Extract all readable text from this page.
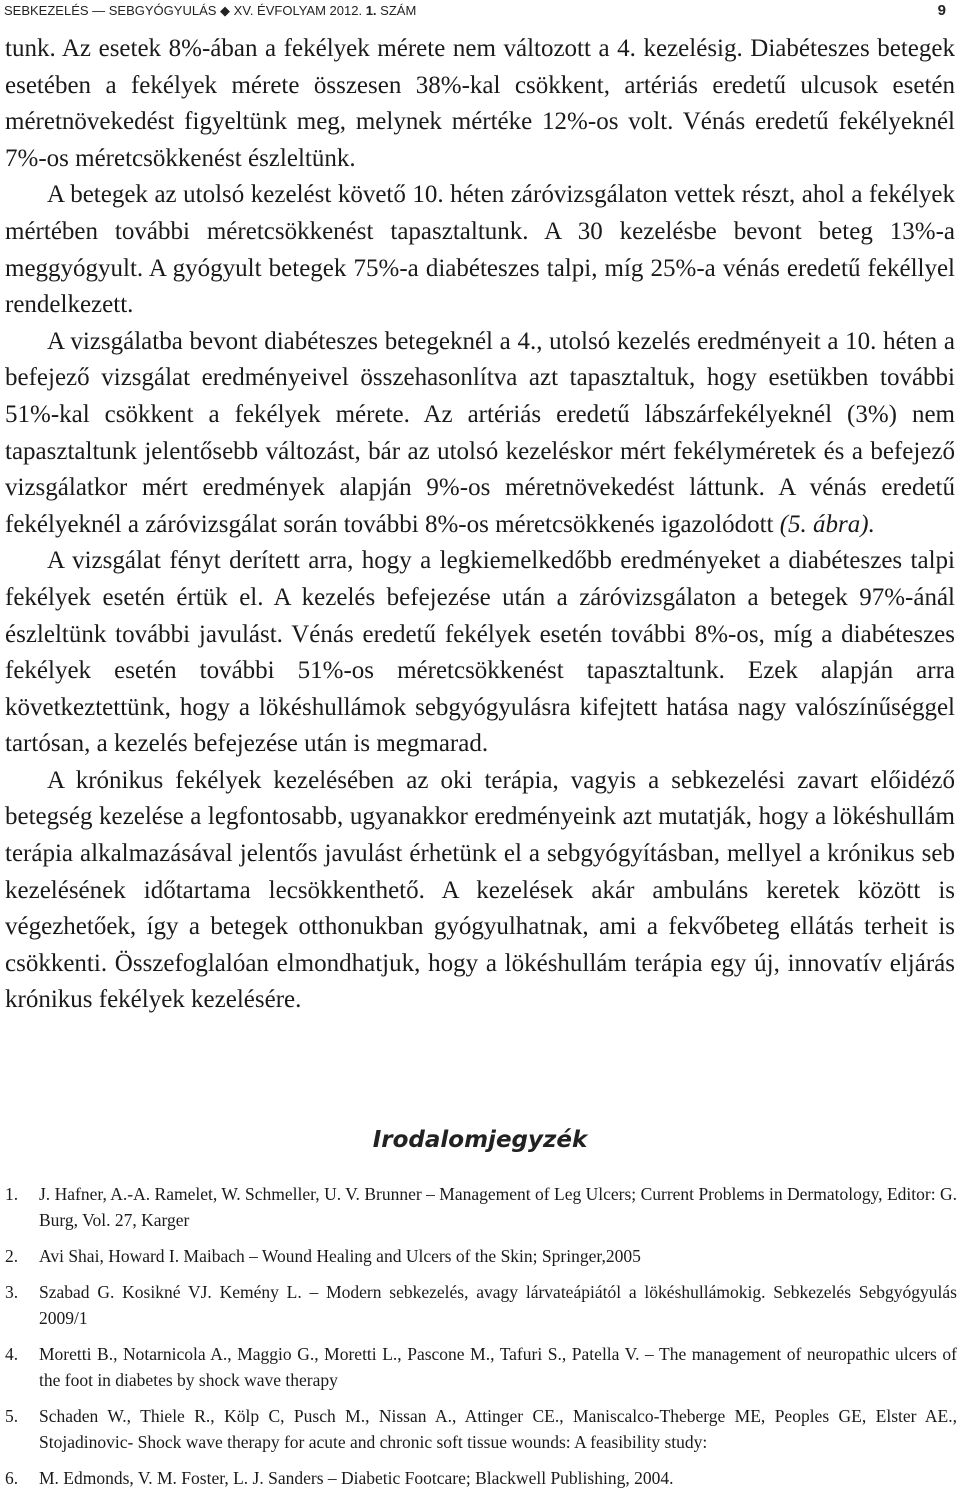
SEBKEZELÉS — SEBGYÓGYULÁS ◆ XV. ÉVFOLYAM 2012. 1. SZÁM	9

tunk. Az esetek 8%-ában a fekélyek mérete nem változott a 4. kezelésig. Diabéteszes betegek esetében a fekélyek mérete összesen 38%-kal csökkent, artériás eredetű ulcusok esetén méretnövekedést figyeltünk meg, melynek mértéke 12%-os volt. Vénás eredetű fekélyeknél 7%-os méretcsökkenést észleltünk.

A betegek az utolsó kezelést követő 10. héten záróvizsgálaton vettek részt, ahol a fekélyek mértében további méretcsökkenést tapasztaltunk. A 30 kezelésbe bevont beteg 13%-a meggyógyult. A gyógyult betegek 75%-a diabéteszes talpi, míg 25%-a vénás eredetű fekéllyel rendelkezett.

A vizsgálatba bevont diabéteszes betegeknél a 4., utolsó kezelés eredményeit a 10. héten a befejező vizsgálat eredményeivel összehasonlítva azt tapasztaltuk, hogy esetükben további 51%-kal csökkent a fekélyek mérete. Az artériás eredetű lábszárfekélyeknél (3%) nem tapasztaltunk jelentősebb változást, bár az utolsó kezeléskor mért fekélyméretek és a befejező vizsgálatkor mért eredmények alapján 9%-os méretnövekedést láttunk. A vénás eredetű fekélyeknél a záróvizsgálat során további 8%-os méretcsökkenés igazolódott (5. ábra).

A vizsgálat fényt derített arra, hogy a legkiemelkedőbb eredményeket a diabéteszes talpi fekélyek esetén értük el. A kezelés befejezése után a záróvizsgálaton a betegek 97%-ánál észleltünk további javulást. Vénás eredetű fekélyek esetén további 8%-os, míg a diabéteszes fekélyek esetén további 51%-os méretcsökkenést tapasztaltunk. Ezek alapján arra következtettünk, hogy a lökéshullámok sebgyógyulásra kifejtett hatása nagy valószínűséggel tartósan, a kezelés befejezése után is megmarad.

A krónikus fekélyek kezelésében az oki terápia, vagyis a sebkezelési zavart előidéző betegség kezelése a legfontosabb, ugyanakkor eredményeink azt mutatják, hogy a lökéshullám terápia alkalmazásával jelentős javulást érhetünk el a sebgyógyításban, mellyel a krónikus seb kezelésének időtartama lecsökkenthető. A kezelések akár ambuláns keretek között is végezhetőek, így a betegek otthonukban gyógyulhatnak, ami a fekvőbeteg ellátás terheit is csökkenti. Összefoglalóan elmondhatjuk, hogy a lökéshullám terápia egy új, innovatív eljárás krónikus fekélyek kezelésére.

Irodalomjegyzék
1.	J. Hafner, A.-A. Ramelet, W. Schmeller, U. V. Brunner – Management of Leg Ulcers; Current Problems in Dermatology, Editor: G. Burg, Vol. 27, Karger
2.	Avi Shai, Howard I. Maibach – Wound Healing and Ulcers of the Skin; Springer,2005
3.	Szabad G. Kosikné VJ. Kemény L. – Modern sebkezelés, avagy lárvateápiától a lökéshullámokig. Sebkezelés Sebgyógyulás 2009/1
4.	Moretti B., Notarnicola A., Maggio G., Moretti L., Pascone M., Tafuri S., Patella V. – The management of neuropathic ulcers of the foot in diabetes by shock wave therapy
5.	Schaden W., Thiele R., Kölp C, Pusch M., Nissan A., Attinger CE., Maniscalco-Theberge ME, Peoples GE, Elster AE., Stojadinovic- Shock wave therapy for acute and chronic soft tissue wounds: A feasibility study:
6.	M. Edmonds, V. M. Foster, L. J. Sanders – Diabetic Footcare; Blackwell Publishing, 2004.
